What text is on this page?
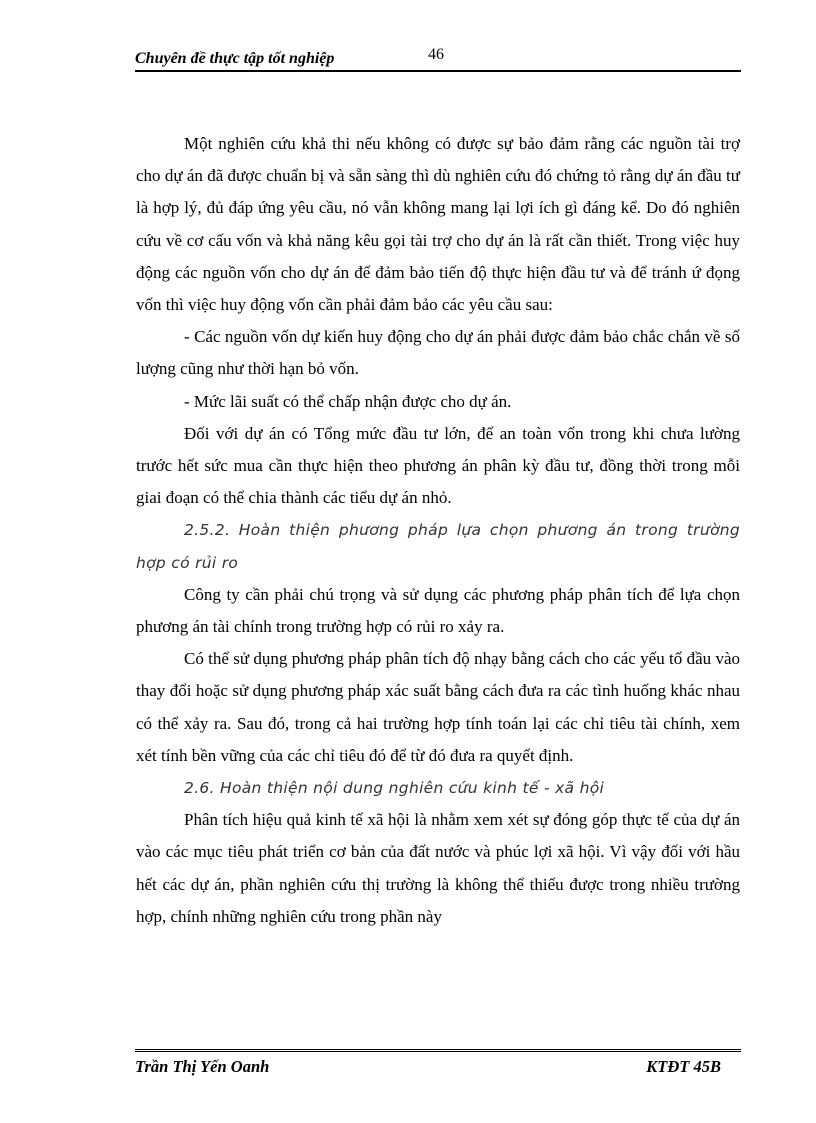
Chuyên đề thực tập tốt nghiệp	46

Một nghiên cứu khả thi nếu không có được sự bảo đảm rằng các nguồn tài trợ cho dự án đã được chuẩn bị và sẵn sàng thì dù nghiên cứu đó chứng tỏ rằng dự án đầu tư là hợp lý, đủ đáp ứng yêu cầu, nó vẫn không mang lại lợi ích gì đáng kể. Do đó nghiên cứu về cơ cấu vốn và khả năng kêu gọi tài trợ cho dự án là rất cần thiết. Trong việc huy động các nguồn vốn cho dự án để đảm bảo tiến độ thực hiện đầu tư và để tránh ứ đọng vốn thì việc huy động vốn cần phải đảm bảo các yêu cầu sau:

- Các nguồn vốn dự kiến huy động cho dự án phải được đảm bảo chắc chắn về số lượng cũng như thời hạn bỏ vốn.

- Mức lãi suất có thể chấp nhận được cho dự án.

Đối với dự án có Tổng mức đầu tư lớn, để an toàn vốn trong khi chưa lường trước hết sức mua cần thực hiện theo phương án phân kỳ đầu tư, đồng thời trong mỗi giai đoạn có thể chia thành các tiểu dự án nhỏ.

2.5.2. Hoàn thiện phương pháp lựa chọn phương án trong trường hợp có rủi ro

Công ty cần phải chú trọng và sử dụng các phương pháp phân tích để lựa chọn phương án tài chính trong trường hợp có rủi ro xảy ra.

Có thể sử dụng phương pháp phân tích độ nhạy bằng cách cho các yếu tố đầu vào thay đổi hoặc sử dụng phương pháp xác suất bằng cách đưa ra các tình huống khác nhau có thể xảy ra. Sau đó, trong cả hai trường hợp tính toán lại các chỉ tiêu tài chính, xem xét tính bền vững của các chỉ tiêu đó để từ đó đưa ra quyết định.

2.6. Hoàn thiện nội dung nghiên cứu kinh tế - xã hội

Phân tích hiệu quả kinh tế xã hội là nhằm xem xét sự đóng góp thực tế của dự án vào các mục tiêu phát triển cơ bản của đất nước và phúc lợi xã hội. Vì vậy đối với hầu hết các dự án, phần nghiên cứu thị trường là không thể thiếu được trong nhiều trường hợp, chính những nghiên cứu trong phần này

Trần Thị Yến Oanh	KTĐT 45B
